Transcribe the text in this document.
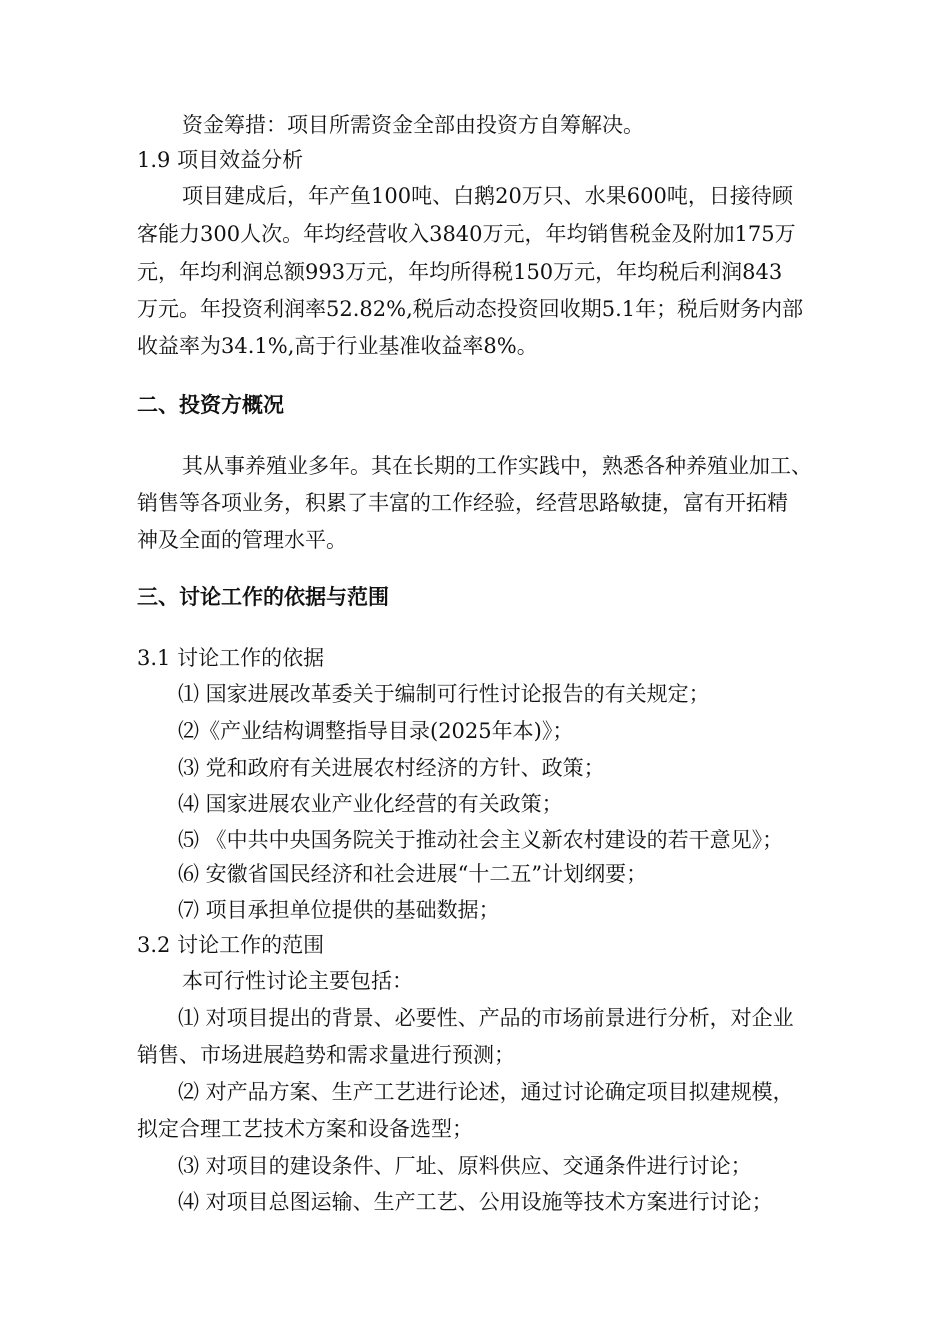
资金筹措：项目所需资金全部由投资方自筹解决。
1.9 项目效益分析
项目建成后，年产鱼100吨、白鹅20万只、水果600吨，日接待顾
客能力300人次。年均经营收入3840万元，年均销售税金及附加175万
元，年均利润总额993万元，年均所得税150万元，年均税后利润843
万元。年投资利润率52.82%,税后动态投资回收期5.1年；税后财务内部
收益率为34.1%,高于行业基准收益率8%。
二、投资方概况
其从事养殖业多年。其在长期的工作实践中，熟悉各种养殖业加工、
销售等各项业务，积累了丰富的工作经验，经营思路敏捷，富有开拓精
神及全面的管理水平。
三、讨论工作的依据与范围
3.1 讨论工作的依据
⑴ 国家进展改革委关于编制可行性讨论报告的有关规定；
⑵《产业结构调整指导目录(2025年本)》；
⑶ 党和政府有关进展农村经济的方针、政策；
⑷ 国家进展农业产业化经营的有关政策；
⑸ 《中共中央国务院关于推动社会主义新农村建设的若干意见》；
⑹ 安徽省国民经济和社会进展“十二五”计划纲要；
⑺ 项目承担单位提供的基础数据；
3.2 讨论工作的范围
本可行性讨论主要包括：
⑴ 对项目提出的背景、必要性、产品的市场前景进行分析，对企业
销售、市场进展趋势和需求量进行预测；
⑵ 对产品方案、生产工艺进行论述，通过讨论确定项目拟建规模，
拟定合理工艺技术方案和设备选型；
⑶ 对项目的建设条件、厂址、原料供应、交通条件进行讨论；
⑷ 对项目总图运输、生产工艺、公用设施等技术方案进行讨论；
